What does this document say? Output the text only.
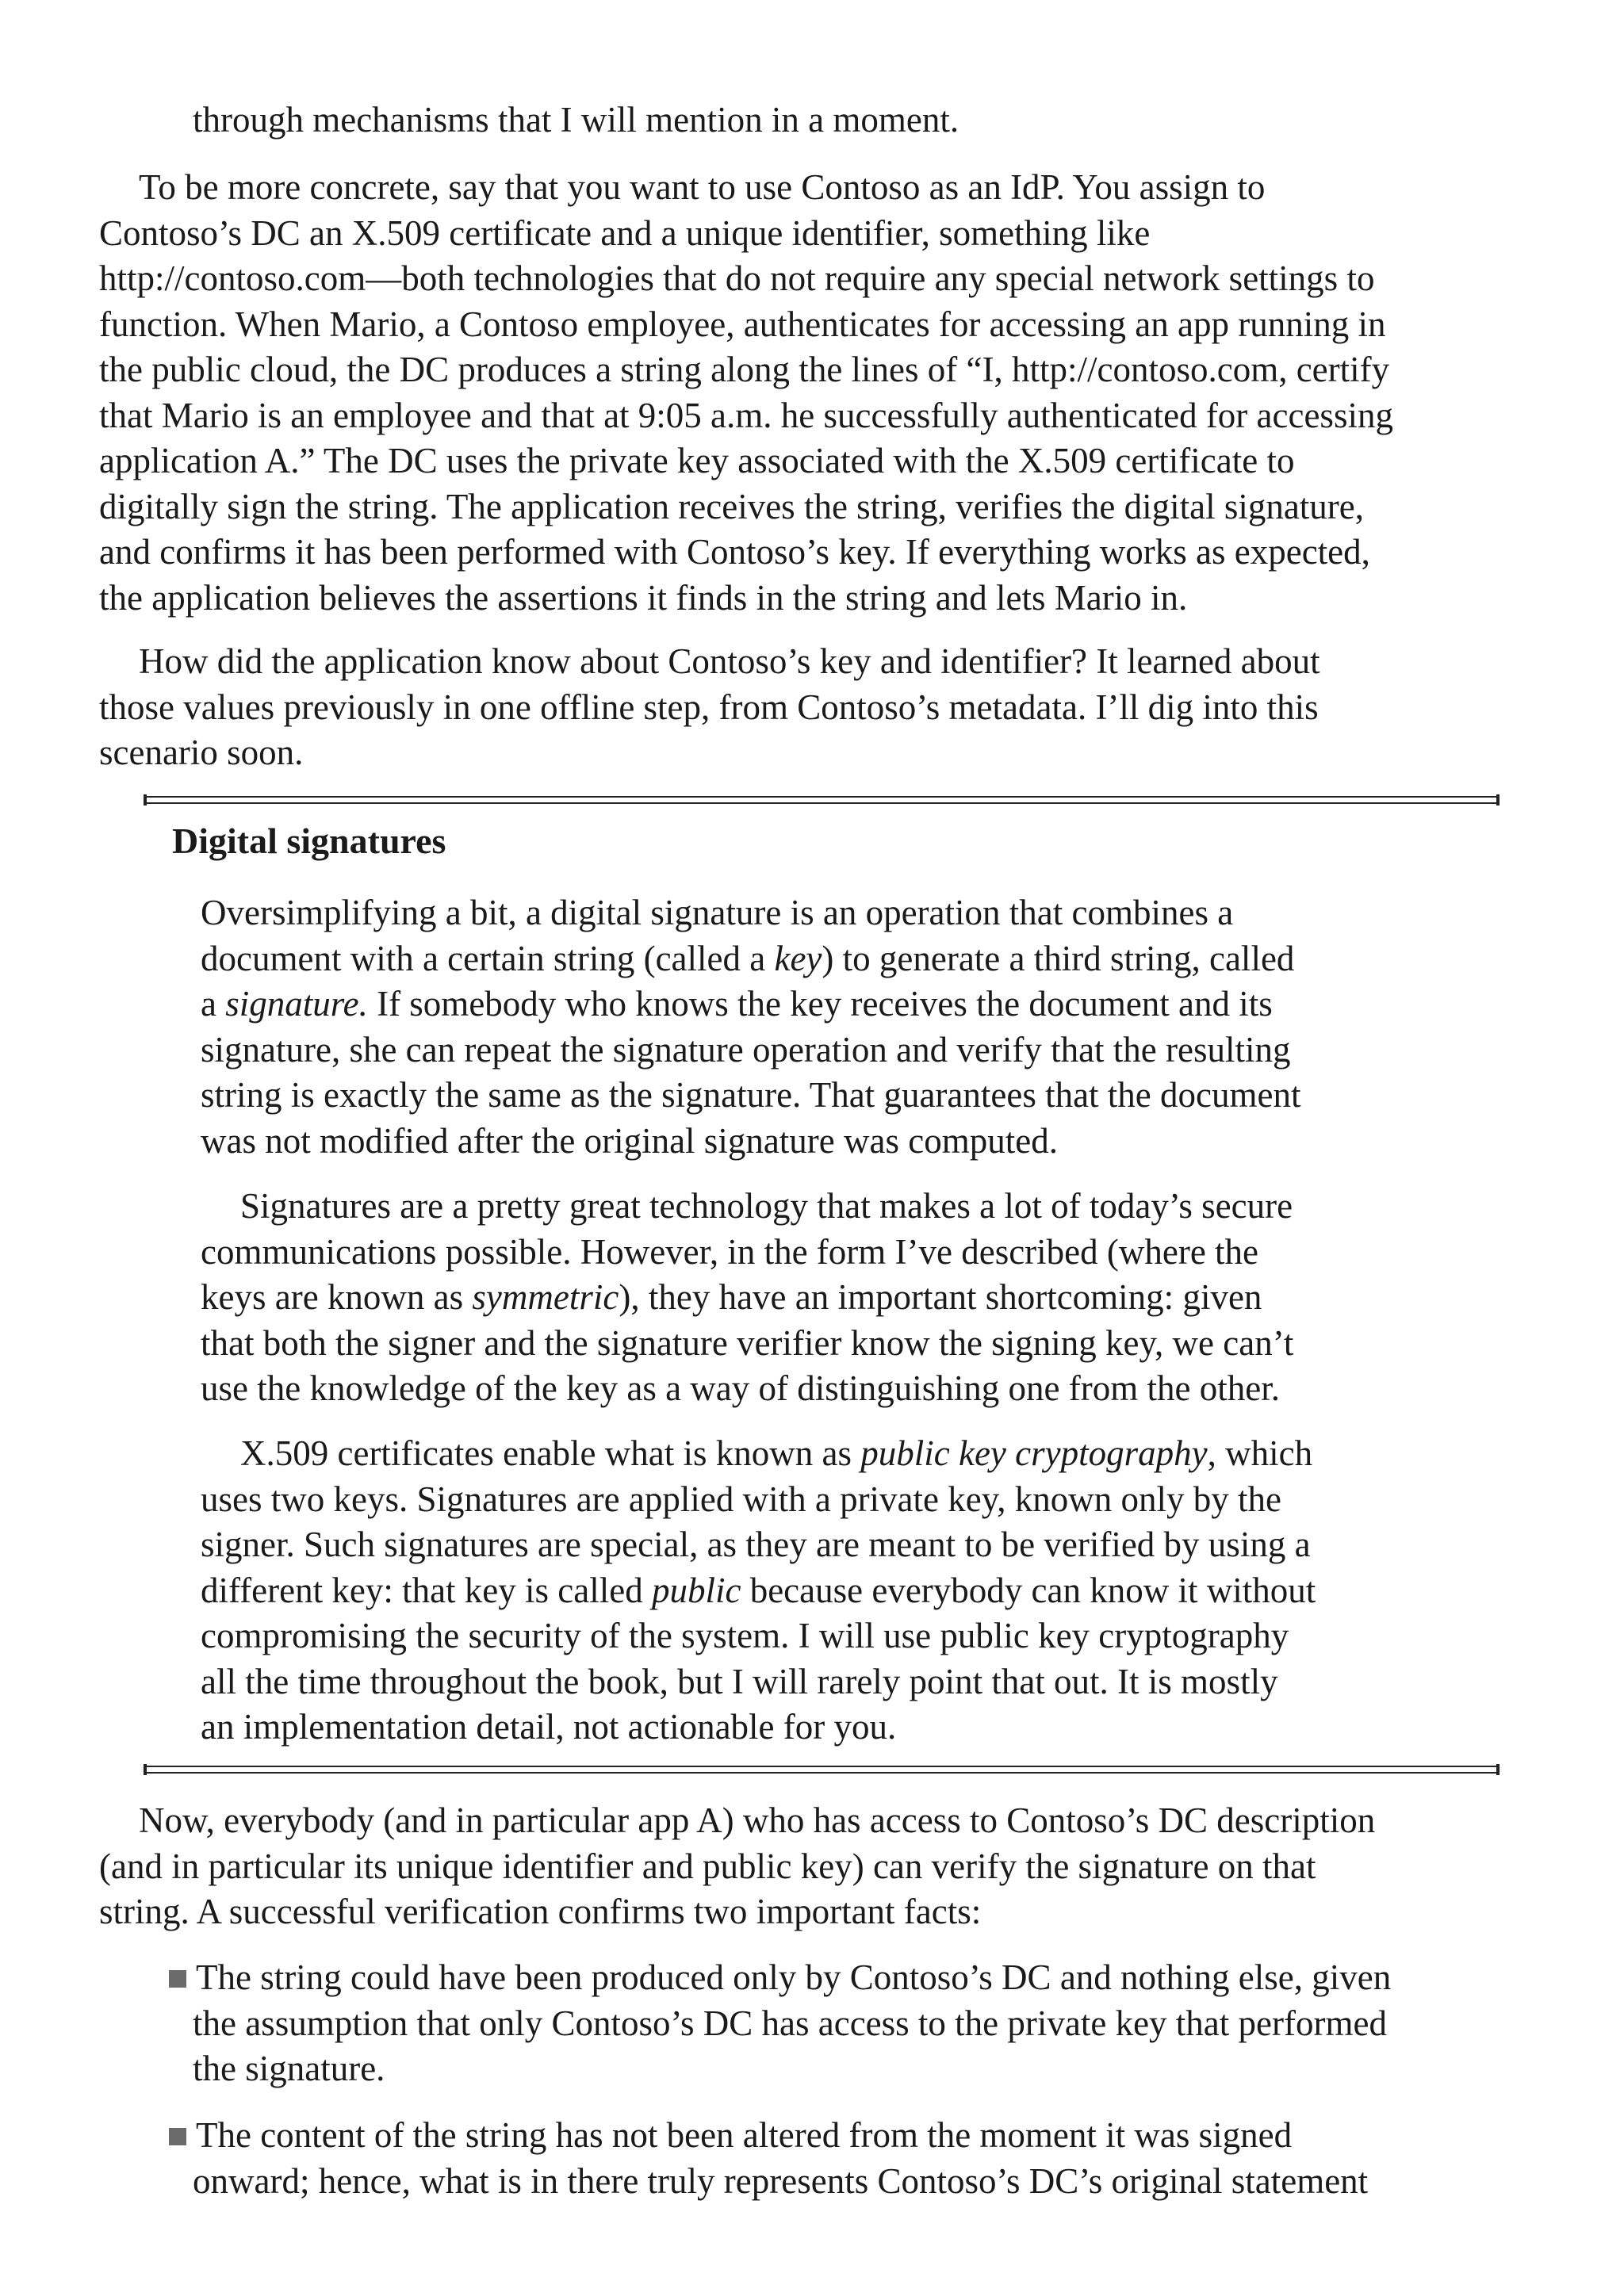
through mechanisms that I will mention in a moment.

To be more concrete, say that you want to use Contoso as an IdP. You assign to
Contoso’s DC an X.509 certificate and a unique identifier, something like
http://contoso.com—both technologies that do not require any special network settings to
function. When Mario, a Contoso employee, authenticates for accessing an app running in
the public cloud, the DC produces a string along the lines of “I, http://contoso.com, certify
that Mario is an employee and that at 9:05 a.m. he successfully authenticated for accessing
application A.” The DC uses the private key associated with the X.509 certificate to
digitally sign the string. The application receives the string, verifies the digital signature,
and confirms it has been performed with Contoso’s key. If everything works as expected,
the application believes the assertions it finds in the string and lets Mario in.

How did the application know about Contoso’s key and identifier? It learned about
those values previously in one offline step, from Contoso’s metadata. I’ll dig into this
scenario soon.

Digital signatures

Oversimplifying a bit, a digital signature is an operation that combines a
document with a certain string (called a key) to generate a third string, called
a signature. If somebody who knows the key receives the document and its
signature, she can repeat the signature operation and verify that the resulting
string is exactly the same as the signature. That guarantees that the document
was not modified after the original signature was computed.

Signatures are a pretty great technology that makes a lot of today’s secure
communications possible. However, in the form I’ve described (where the
keys are known as symmetric), they have an important shortcoming: given
that both the signer and the signature verifier know the signing key, we can’t
use the knowledge of the key as a way of distinguishing one from the other.

X.509 certificates enable what is known as public key cryptography, which
uses two keys. Signatures are applied with a private key, known only by the
signer. Such signatures are special, as they are meant to be verified by using a
different key: that key is called public because everybody can know it without
compromising the security of the system. I will use public key cryptography
all the time throughout the book, but I will rarely point that out. It is mostly
an implementation detail, not actionable for you.

Now, everybody (and in particular app A) who has access to Contoso’s DC description
(and in particular its unique identifier and public key) can verify the signature on that
string. A successful verification confirms two important facts:

The string could have been produced only by Contoso’s DC and nothing else, given
the assumption that only Contoso’s DC has access to the private key that performed
the signature.

The content of the string has not been altered from the moment it was signed
onward; hence, what is in there truly represents Contoso’s DC’s original statement
